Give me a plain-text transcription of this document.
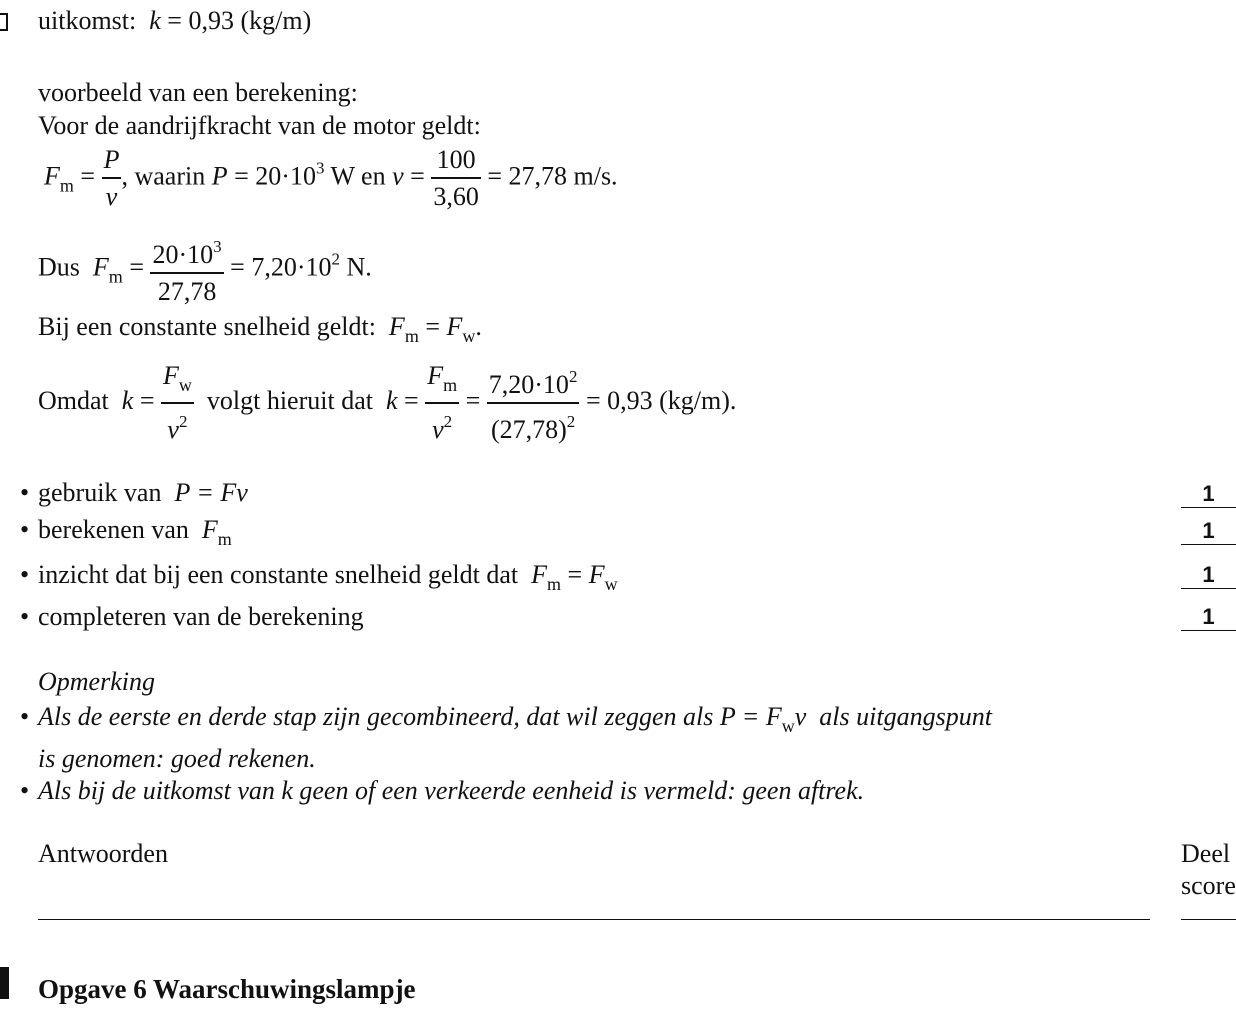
uitkomst: k = 0,93 (kg/m)
voorbeeld van een berekening:
Voor de aandrijfkracht van de motor geldt:
$F_m = \frac{P}{v}$ , waarin $P = 20\cdot 10^3$ W en $v = \frac{100}{3,60} = 27,78$ m/s.
Dus $F_m = \frac{20\cdot 10^3}{27,78} = 7,20\cdot 10^2$ N.
Bij een constante snelheid geldt: $F_m = F_w$.
Omdat $k = \frac{F_w}{v^2}$ volgt hieruit dat $k = \frac{F_m}{v^2} = \frac{7,20\cdot 10^2}{(27,78)^2} = 0,93$ (kg/m).
• gebruik van P = Fv	1
• berekenen van $F_m$	1
• inzicht dat bij een constante snelheid geldt dat $F_m = F_w$	1
• completeren van de berekening	1
Opmerking
• Als de eerste en derde stap zijn gecombineerd, dat wil zeggen als $P = F_wv$ als uitgangspunt
is genomen: goed rekenen.
• Als bij de uitkomst van k geen of een verkeerde eenheid is vermeld: geen aftrek.
Antwoorden	Deel
score
Opgave 6 Waarschuwingslampje
